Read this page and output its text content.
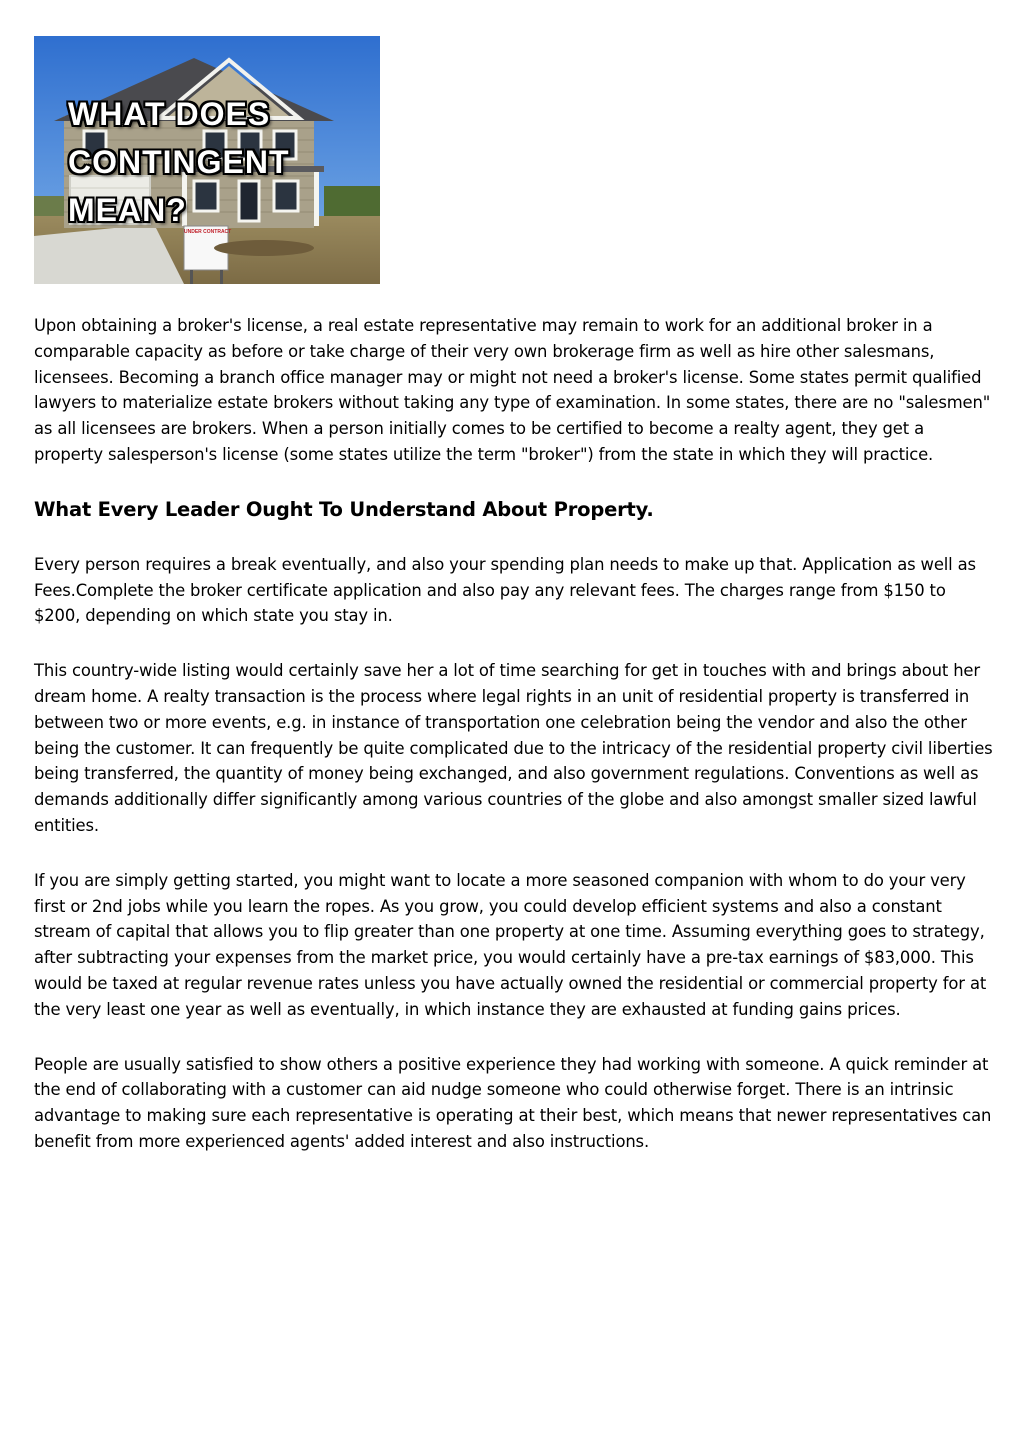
WHAT DOES
CONTINGENT
MEAN?
UNDER CONTRACT

Upon obtaining a broker's license, a real estate representative may remain to work for an additional broker in a comparable capacity as before or take charge of their very own brokerage firm as well as hire other salesmans, licensees. Becoming a branch office manager may or might not need a broker's license. Some states permit qualified lawyers to materialize estate brokers without taking any type of examination. In some states, there are no "salesmen" as all licensees are brokers. When a person initially comes to be certified to become a realty agent, they get a property salesperson's license (some states utilize the term "broker") from the state in which they will practice.

What Every Leader Ought To Understand About Property.

Every person requires a break eventually, and also your spending plan needs to make up that. Application as well as Fees.Complete the broker certificate application and also pay any relevant fees. The charges range from $150 to $200, depending on which state you stay in.

This country-wide listing would certainly save her a lot of time searching for get in touches with and brings about her dream home. A realty transaction is the process where legal rights in an unit of residential property is transferred in between two or more events, e.g. in instance of transportation one celebration being the vendor and also the other being the customer. It can frequently be quite complicated due to the intricacy of the residential property civil liberties being transferred, the quantity of money being exchanged, and also government regulations. Conventions as well as demands additionally differ significantly among various countries of the globe and also amongst smaller sized lawful entities.

If you are simply getting started, you might want to locate a more seasoned companion with whom to do your very first or 2nd jobs while you learn the ropes. As you grow, you could develop efficient systems and also a constant stream of capital that allows you to flip greater than one property at one time. Assuming everything goes to strategy, after subtracting your expenses from the market price, you would certainly have a pre-tax earnings of $83,000. This would be taxed at regular revenue rates unless you have actually owned the residential or commercial property for at the very least one year as well as eventually, in which instance they are exhausted at funding gains prices.

People are usually satisfied to show others a positive experience they had working with someone. A quick reminder at the end of collaborating with a customer can aid nudge someone who could otherwise forget. There is an intrinsic advantage to making sure each representative is operating at their best, which means that newer representatives can benefit from more experienced agents' added interest and also instructions.
